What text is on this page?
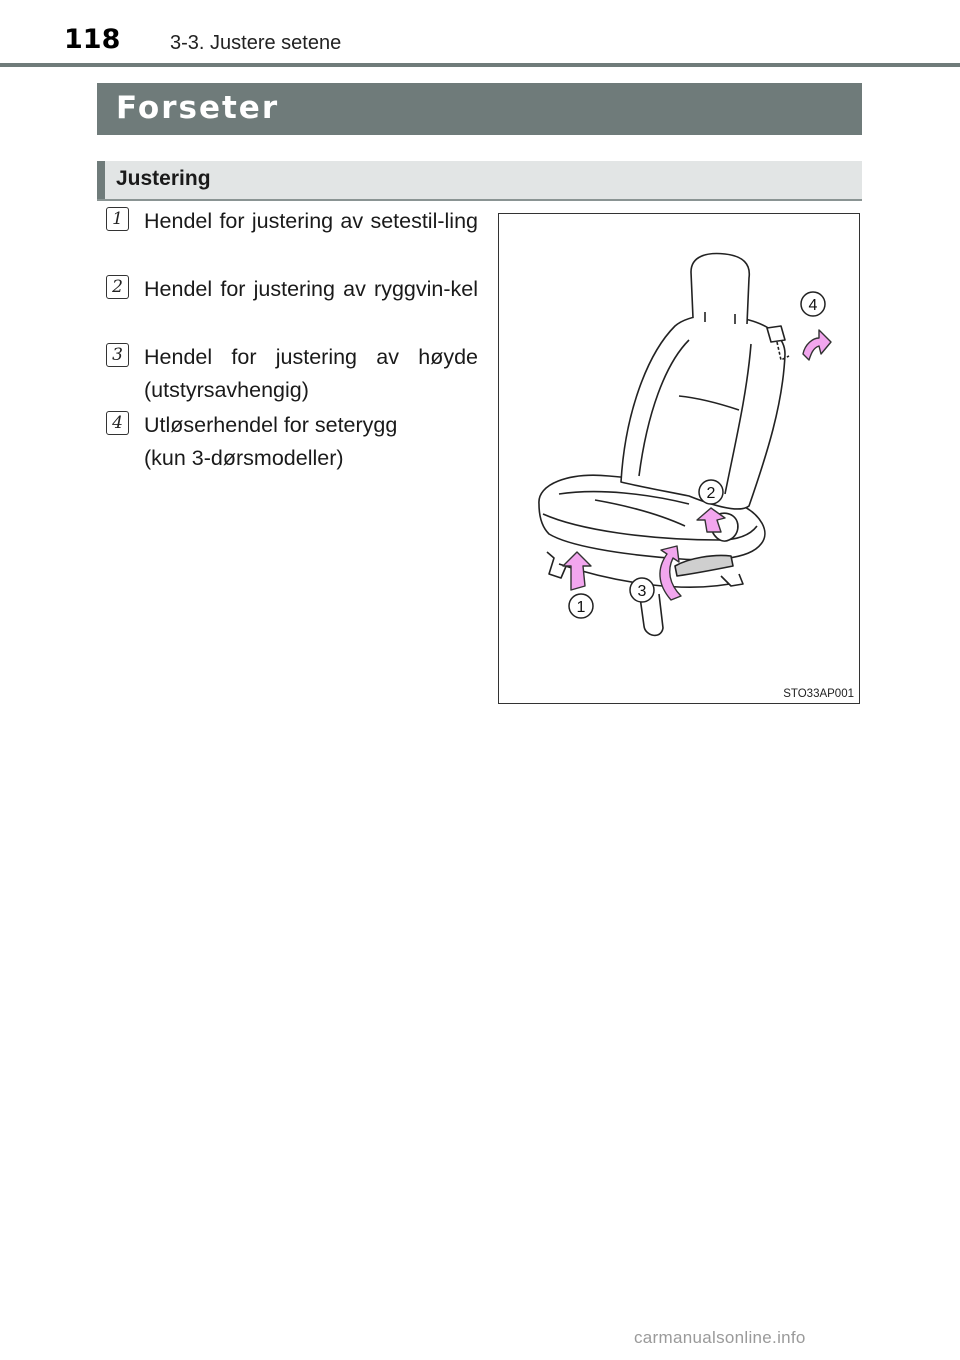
118 3-3. Justere setene
Forseter
Justering
1 Hendel for justering av setestil-ling
2 Hendel for justering av ryggvin-kel
3 Hendel for justering av høyde (utstyrsavhengig)
4 Utløserhendel for seterygg (kun 3-dørsmodeller)
1
2
3
4
STO33AP001
carmanualsonline.info
